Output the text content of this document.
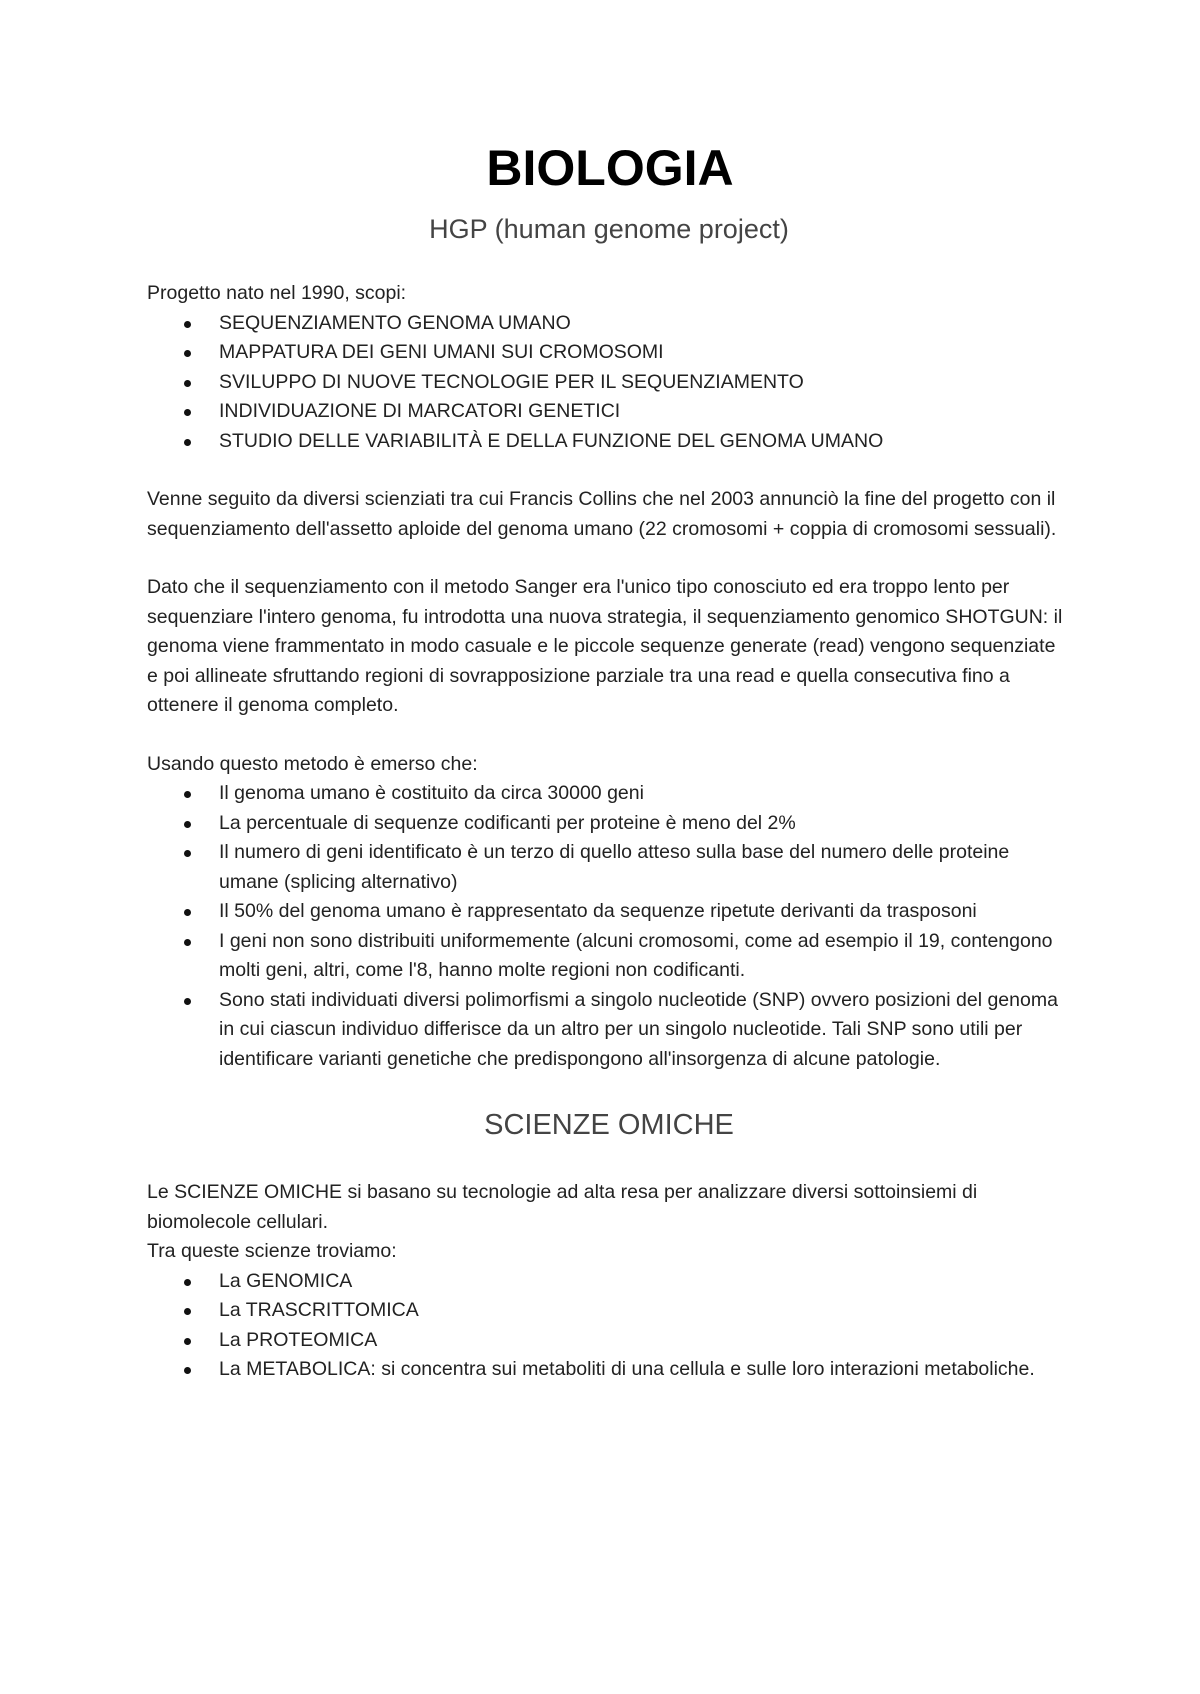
BIOLOGIA
HGP (human genome project)

Progetto nato nel 1990, scopi:

SEQUENZIAMENTO GENOMA UMANO
MAPPATURA DEI GENI UMANI SUI CROMOSOMI
SVILUPPO DI NUOVE TECNOLOGIE PER IL SEQUENZIAMENTO
INDIVIDUAZIONE DI MARCATORI GENETICI
STUDIO DELLE VARIABILITÀ E DELLA FUNZIONE DEL GENOMA UMANO

Venne seguito da diversi scienziati tra cui Francis Collins che nel 2003 annunciò la fine del progetto con il sequenziamento dell'assetto aploide del genoma umano (22 cromosomi + coppia di cromosomi sessuali).

Dato che il sequenziamento con il metodo Sanger era l'unico tipo conosciuto ed era troppo lento per sequenziare l'intero genoma, fu introdotta una nuova strategia, il sequenziamento genomico SHOTGUN: il genoma viene frammentato in modo casuale e le piccole sequenze generate (read) vengono sequenziate e poi allineate sfruttando regioni di sovrapposizione parziale tra una read e quella consecutiva fino a ottenere il genoma completo.

Usando questo metodo è emerso che:

Il genoma umano è costituito da circa 30000 geni
La percentuale di sequenze codificanti per proteine è meno del 2%
Il numero di geni identificato è un terzo di quello atteso sulla base del numero delle proteine umane (splicing alternativo)
Il 50% del genoma umano è rappresentato da sequenze ripetute derivanti da trasposoni
I geni non sono distribuiti uniformemente (alcuni cromosomi, come ad esempio il 19, contengono molti geni, altri, come l'8, hanno molte regioni non codificanti.
Sono stati individuati diversi polimorfismi a singolo nucleotide (SNP) ovvero posizioni del genoma in cui ciascun individuo differisce da un altro per un singolo nucleotide. Tali SNP sono utili per identificare varianti genetiche che predispongono all'insorgenza di alcune patologie.
SCIENZE OMICHE

Le SCIENZE OMICHE si basano su tecnologie ad alta resa per analizzare diversi sottoinsiemi di biomolecole cellulari.

Tra queste scienze troviamo:

La GENOMICA
La TRASCRITTOMICA
La PROTEOMICA
La METABOLICA: si concentra sui metaboliti di una cellula e sulle loro interazioni metaboliche.
